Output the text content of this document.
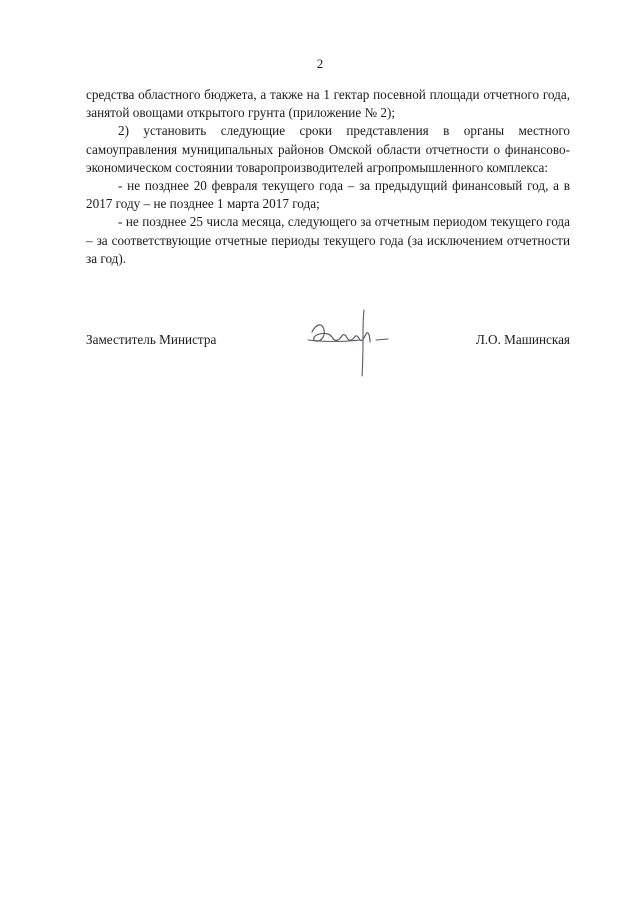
2

средства областного бюджета, а также на 1 гектар посевной площади отчетного года, занятой овощами открытого грунта (приложение № 2);

2) установить следующие сроки представления в органы местного самоуправления муниципальных районов Омской области отчетности о финансово-экономическом состоянии товаропроизводителей агропромышленного комплекса:

- не позднее 20 февраля текущего года – за предыдущий финансовый год, а в 2017 году – не позднее 1 марта 2017 года;

- не позднее 25 числа месяца, следующего за отчетным периодом текущего года – за соответствующие отчетные периоды текущего года (за исключением отчетности за год).

Заместитель Министра	Л.О. Машинская
